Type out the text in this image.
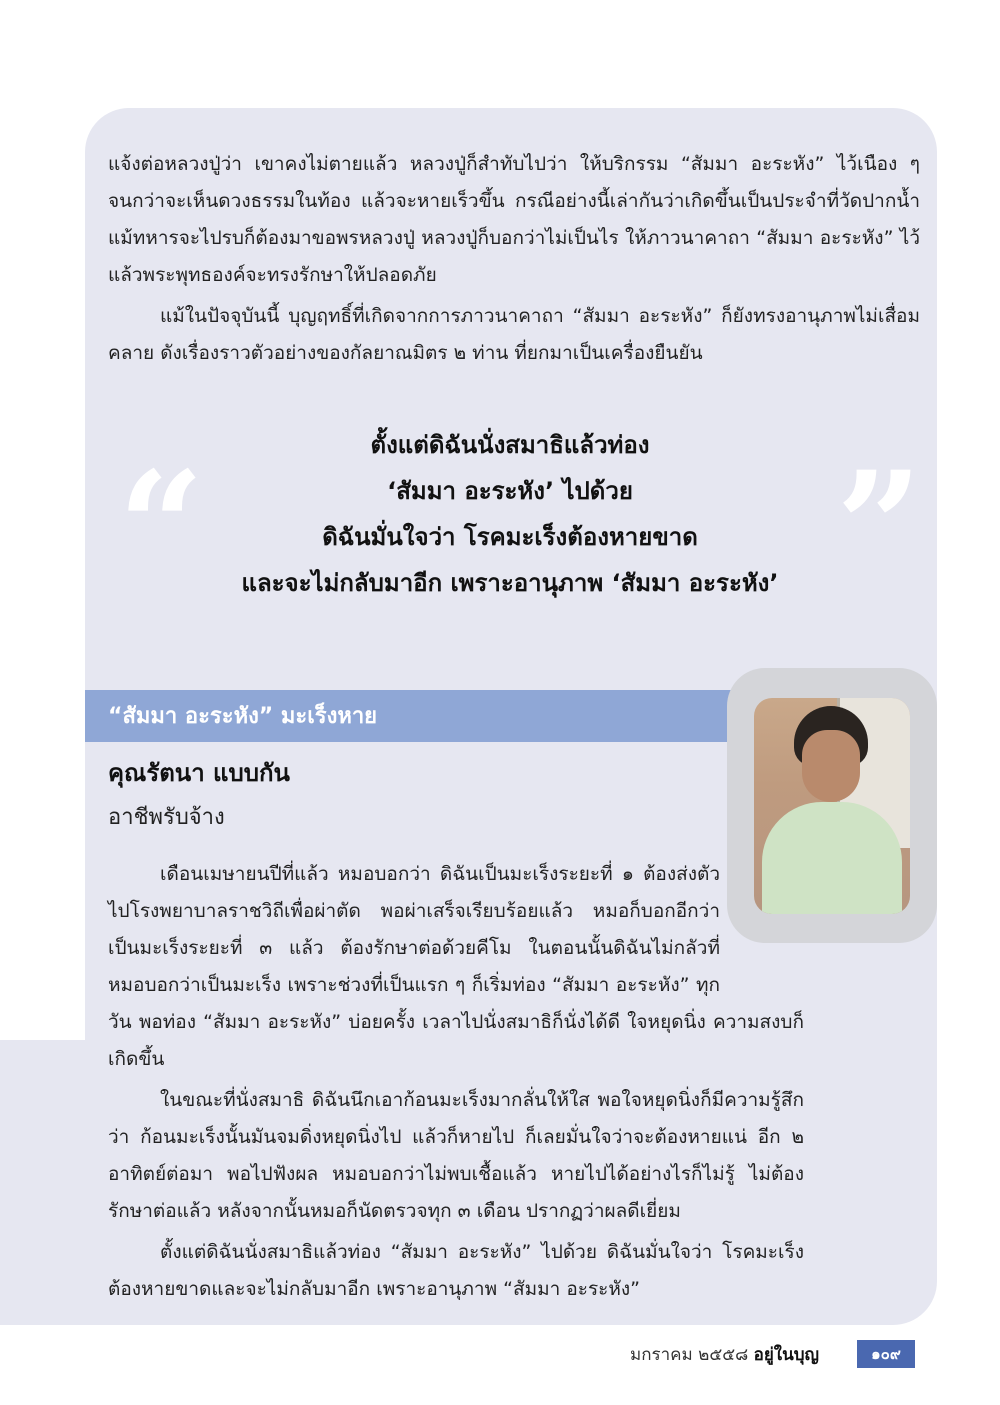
แจ้งต่อหลวงปู่ว่า เขาคงไม่ตายแล้ว หลวงปู่ก็สำทับไปว่า ให้บริกรรม “สัมมา อะระหัง” ไว้เนือง ๆ จนกว่าจะเห็นดวงธรรมในท้อง แล้วจะหายเร็วขึ้น กรณีอย่างนี้เล่ากันว่าเกิดขึ้นเป็นประจำที่วัดปากน้ำ แม้ทหารจะไปรบก็ต้องมาขอพรหลวงปู่ หลวงปู่ก็บอกว่าไม่เป็นไร ให้ภาวนาคาถา “สัมมา อะระหัง” ไว้ แล้วพระพุทธองค์จะทรงรักษาให้ปลอดภัย

แม้ในปัจจุบันนี้ บุญฤทธิ์ที่เกิดจากการภาวนาคาถา “สัมมา อะระหัง” ก็ยังทรงอานุภาพไม่เสื่อมคลาย ดังเรื่องราวตัวอย่างของกัลยาณมิตร ๒ ท่าน ที่ยกมาเป็นเครื่องยืนยัน

“	ตั้งแต่ดิฉันนั่งสมาธิแล้วท่อง
‘สัมมา อะระหัง’ ไปด้วย
ดิฉันมั่นใจว่า โรคมะเร็งต้องหายขาด
และจะไม่กลับมาอีก เพราะอานุภาพ ‘สัมมา อะระหัง’ ”
“สัมมา อะระหัง” มะเร็งหาย
คุณรัตนา แบบกัน
อาชีพรับจ้าง

เดือนเมษายนปีที่แล้ว หมอบอกว่า ดิฉันเป็นมะเร็งระยะที่ ๑ ต้องส่งตัวไปโรงพยาบาลราชวิถีเพื่อผ่าตัด พอผ่าเสร็จเรียบร้อยแล้ว หมอก็บอกอีกว่า เป็นมะเร็งระยะที่ ๓ แล้ว ต้องรักษาต่อด้วยคีโม ในตอนนั้นดิฉันไม่กลัวที่หมอบอกว่าเป็นมะเร็ง เพราะช่วงที่เป็นแรก ๆ ก็เริ่มท่อง “สัมมา อะระหัง” ทุกวัน พอท่อง “สัมมา อะระหัง” บ่อยครั้ง เวลาไปนั่งสมาธิก็นั่งได้ดี ใจหยุดนิ่ง ความสงบก็เกิดขึ้น

ในขณะที่นั่งสมาธิ ดิฉันนึกเอาก้อนมะเร็งมากลั่นให้ใส พอใจหยุดนิ่งก็มีความรู้สึกว่า ก้อนมะเร็งนั้นมันจมดิ่งหยุดนิ่งไป แล้วก็หายไป ก็เลยมั่นใจว่าจะต้องหายแน่ อีก ๒ อาทิตย์ต่อมา พอไปฟังผล หมอบอกว่าไม่พบเชื้อแล้ว หายไปได้อย่างไรก็ไม่รู้ ไม่ต้องรักษาต่อแล้ว หลังจากนั้นหมอก็นัดตรวจทุก ๓ เดือน ปรากฏว่าผลดีเยี่ยม

ตั้งแต่ดิฉันนั่งสมาธิแล้วท่อง “สัมมา อะระหัง” ไปด้วย ดิฉันมั่นใจว่า โรคมะเร็งต้องหายขาดและจะไม่กลับมาอีก เพราะอานุภาพ “สัมมา อะระหัง”

มกราคม ๒๕๕๘ อยู่ในบุญ	๑๐๙
